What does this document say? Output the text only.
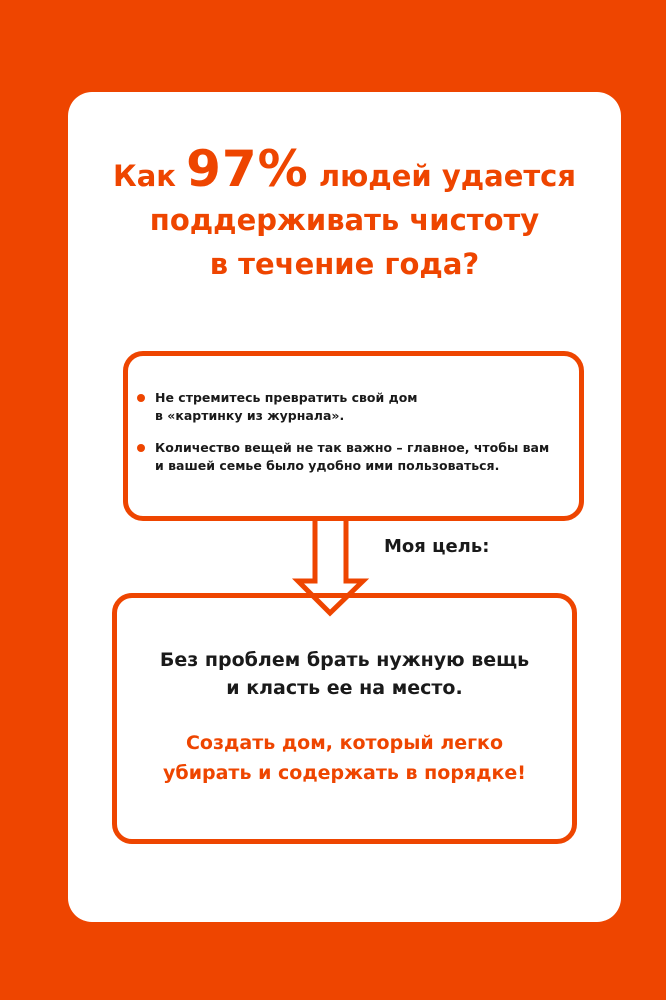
Как 97% людей удается
поддерживать чистоту
в течение года?
Не стремитесь превратить свой дом
в «картинку из журнала».
Количество вещей не так важно – главное, чтобы вам
и вашей семье было удобно ими пользоваться.
Моя цель:
Без проблем брать нужную вещь
и класть ее на место.
Создать дом, который легко
убирать и содержать в порядке!
